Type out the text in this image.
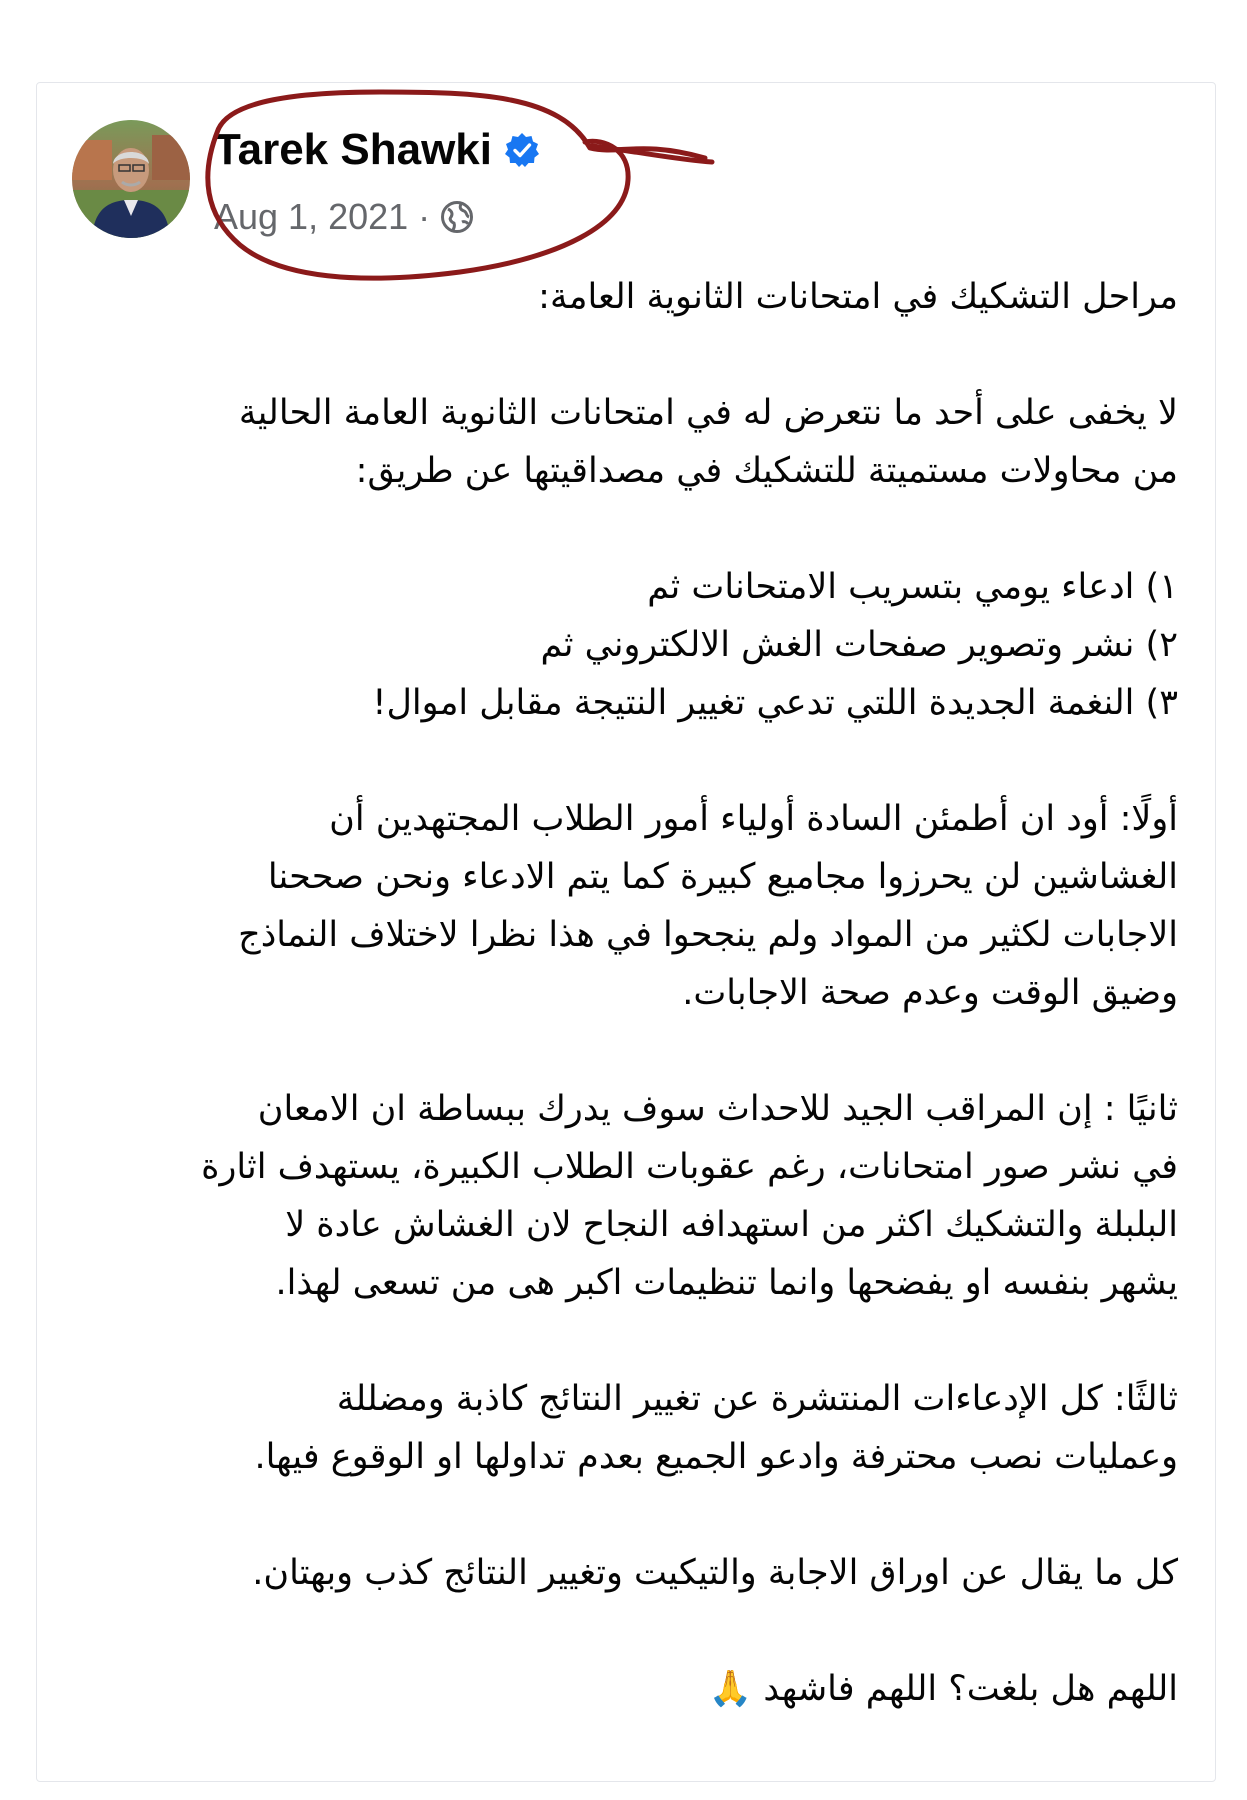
Tarek Shawki
Aug 1, 2021 ·

مراحل التشكيك في امتحانات الثانوية العامة:

لا يخفى على أحد ما نتعرض له في امتحانات الثانوية العامة الحالية
من محاولات مستميتة للتشكيك في مصداقيتها عن طريق:

١) ادعاء يومي بتسريب الامتحانات ثم
٢) نشر وتصوير صفحات الغش الالكتروني ثم
٣) النغمة الجديدة اللتي تدعي تغيير النتيجة مقابل اموال!

أولًا: أود ان أطمئن السادة أولياء أمور الطلاب المجتهدين أن
الغشاشين لن يحرزوا مجاميع كبيرة كما يتم الادعاء ونحن صححنا
الاجابات لكثير من المواد ولم ينجحوا في هذا نظرا لاختلاف النماذج
وضيق الوقت وعدم صحة الاجابات.

ثانيًا : إن المراقب الجيد للاحداث سوف يدرك ببساطة ان الامعان
في نشر صور امتحانات، رغم عقوبات الطلاب الكبيرة، يستهدف اثارة
البلبلة والتشكيك اكثر من استهدافه النجاح لان الغشاش عادة لا
يشهر بنفسه او يفضحها وانما تنظيمات اكبر هى من تسعى لهذا.

ثالثًا: كل الإدعاءات المنتشرة عن تغيير النتائج كاذبة ومضللة
وعمليات نصب محترفة وادعو الجميع بعدم تداولها او الوقوع فيها.

كل ما يقال عن اوراق الاجابة والتيكيت وتغيير النتائج كذب وبهتان.

اللهم هل بلغت؟ اللهم فاشهد 🙏
